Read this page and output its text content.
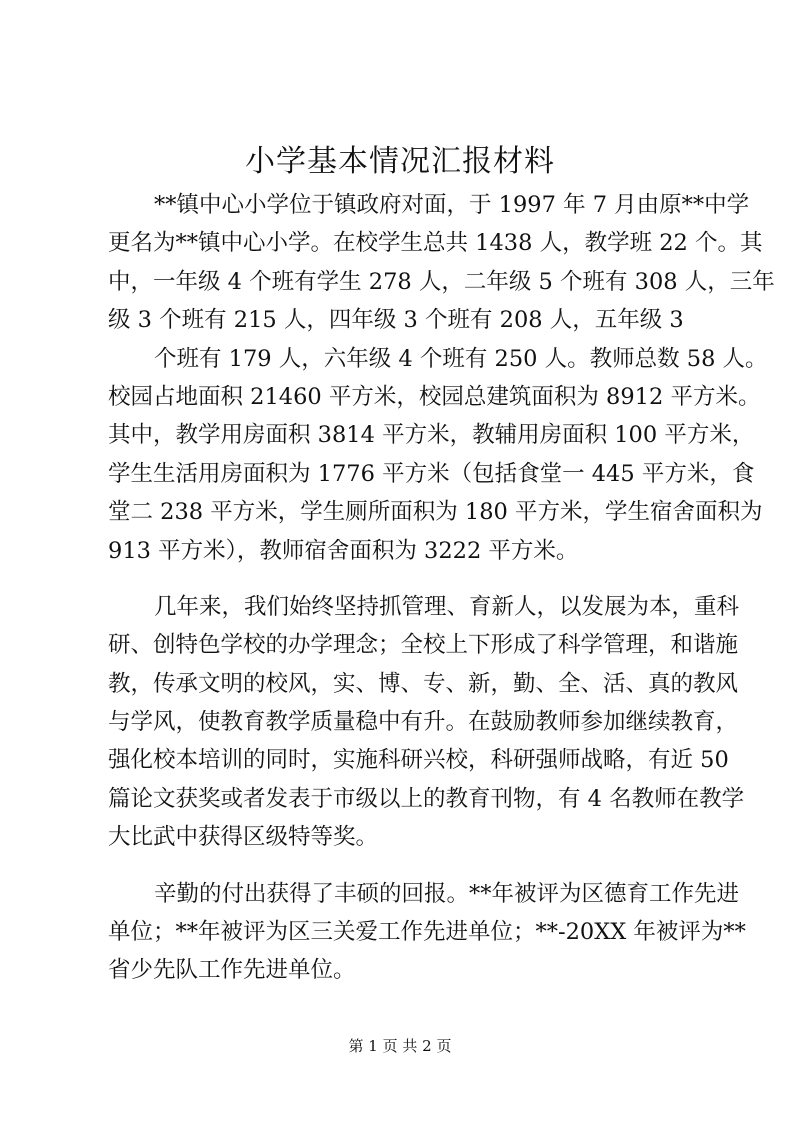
小学基本情况汇报材料
**镇中心小学位于镇政府对面，于 1997 年 7 月由原**中学
更名为**镇中心小学。在校学生总共 1438 人，教学班 22 个。其
中，一年级 4 个班有学生 278 人，二年级 5 个班有 308 人，三年
级 3 个班有 215 人，四年级 3 个班有 208 人，五年级 3
个班有 179 人，六年级 4 个班有 250 人。教师总数 58 人。
校园占地面积 21460 平方米，校园总建筑面积为 8912 平方米。
其中，教学用房面积 3814 平方米，教辅用房面积 100 平方米，
学生生活用房面积为 1776 平方米（包括食堂一 445 平方米，食
堂二 238 平方米，学生厕所面积为 180 平方米，学生宿舍面积为
913 平方米），教师宿舍面积为 3222 平方米。
几年来，我们始终坚持抓管理、育新人，以发展为本，重科
研、创特色学校的办学理念；全校上下形成了科学管理，和谐施
教，传承文明的校风，实、博、专、新，勤、全、活、真的教风
与学风，使教育教学质量稳中有升。在鼓励教师参加继续教育，
强化校本培训的同时，实施科研兴校，科研强师战略，有近 50
篇论文获奖或者发表于市级以上的教育刊物，有 4 名教师在教学
大比武中获得区级特等奖。
辛勤的付出获得了丰硕的回报。**年被评为区德育工作先进
单位；**年被评为区三关爱工作先进单位；**-20XX 年被评为**
省少先队工作先进单位。
第 1 页 共 2 页
